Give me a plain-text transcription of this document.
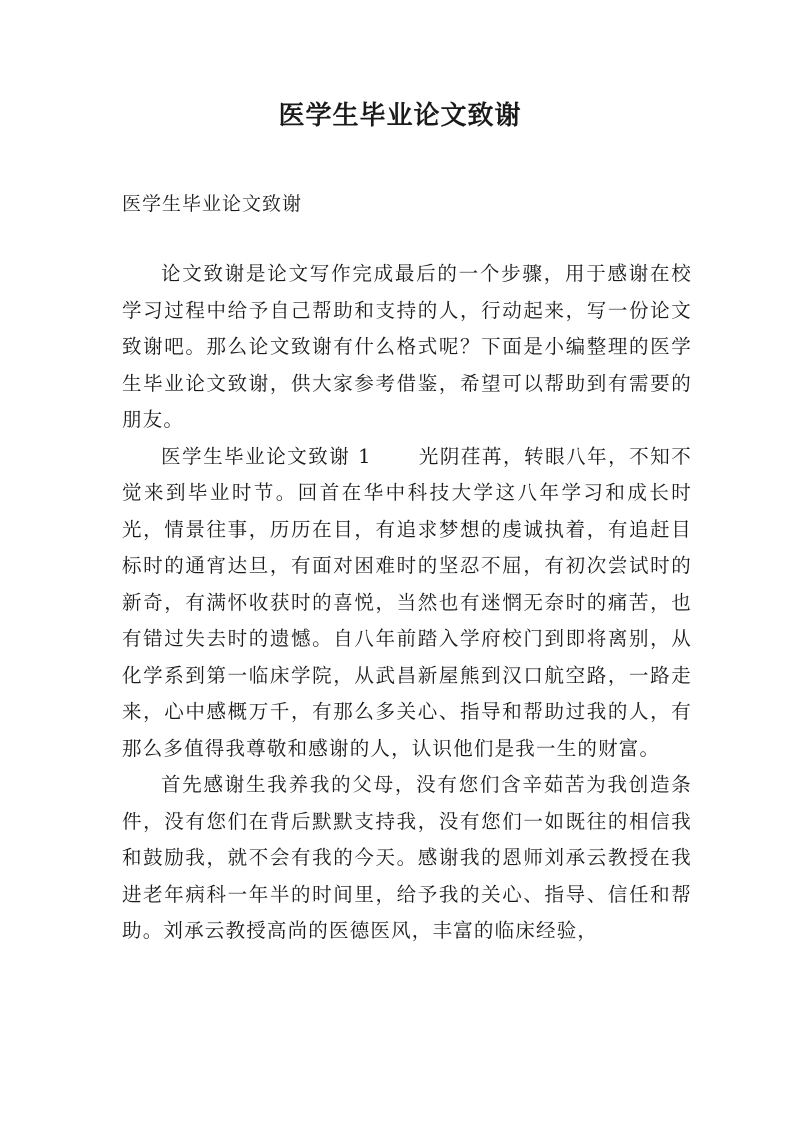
医学生毕业论文致谢
医学生毕业论文致谢

论文致谢是论文写作完成最后的一个步骤，用于感谢在校学习过程中给予自己帮助和支持的人，行动起来，写一份论文致谢吧。那么论文致谢有什么格式呢？下面是小编整理的医学生毕业论文致谢，供大家参考借鉴，希望可以帮助到有需要的朋友。

医学生毕业论文致谢 1 光阴荏苒，转眼八年，不知不觉来到毕业时节。回首在华中科技大学这八年学习和成长时光，情景往事，历历在目，有追求梦想的虔诚执着，有追赶目标时的通宵达旦，有面对困难时的坚忍不屈，有初次尝试时的新奇，有满怀收获时的喜悦，当然也有迷惘无奈时的痛苦，也有错过失去时的遗憾。自八年前踏入学府校门到即将离别，从化学系到第一临床学院，从武昌新屋熊到汉口航空路，一路走来，心中感概万千，有那么多关心、指导和帮助过我的人，有那么多值得我尊敬和感谢的人，认识他们是我一生的财富。

首先感谢生我养我的父母，没有您们含辛茹苦为我创造条件，没有您们在背后默默支持我，没有您们一如既往的相信我和鼓励我，就不会有我的今天。感谢我的恩师刘承云教授在我进老年病科一年半的时间里，给予我的关心、指导、信任和帮助。刘承云教授高尚的医德医风，丰富的临床经验，
